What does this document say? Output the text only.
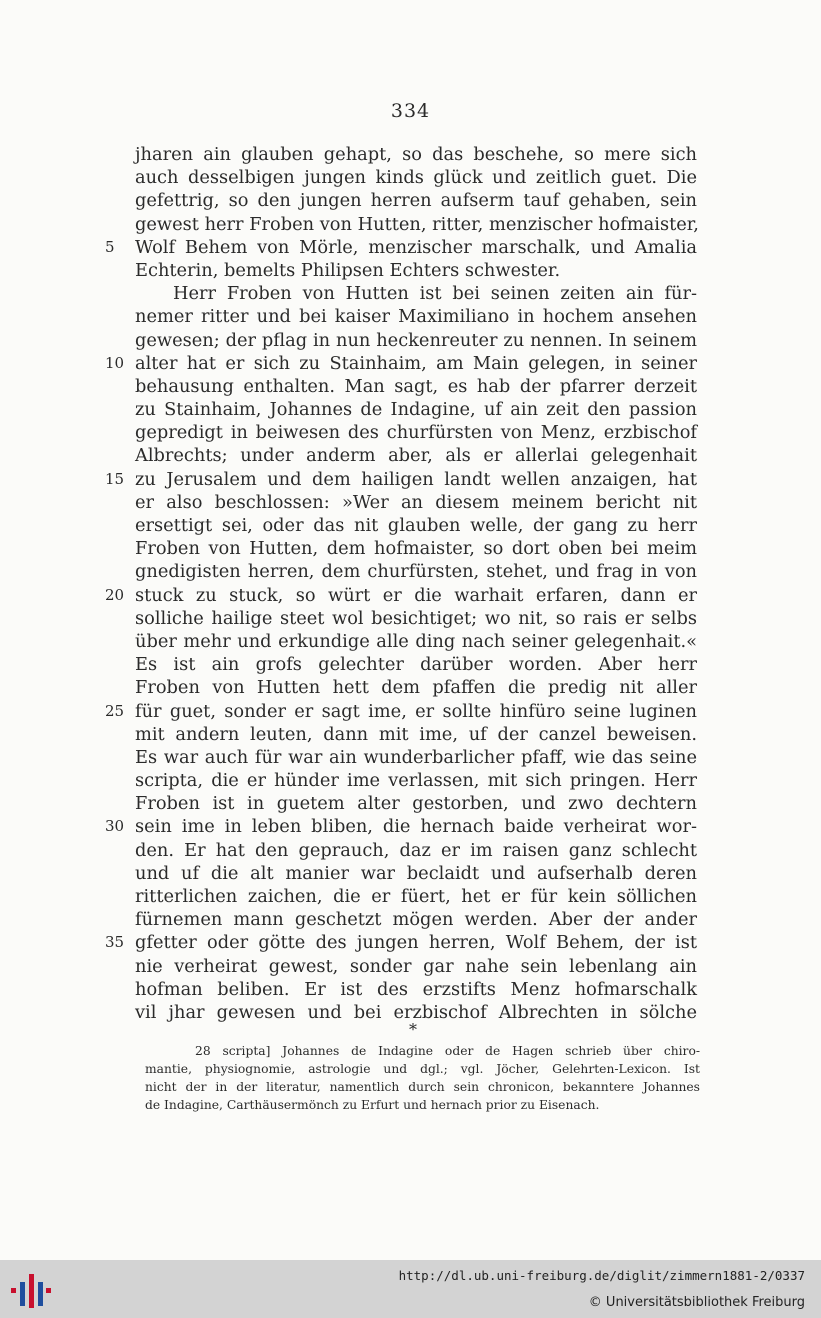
334
jharen ain glauben gehapt, so das beschehe, so mere sich
auch desselbigen jungen kinds glück und zeitlich guet. Die
gefettrig, so den jungen herren aufserm tauf gehaben, sein
gewest herr Froben von Hutten, ritter, menzischer hofmaister,
Wolf Behem von Mörle, menzischer marschalk, und Amalia
5
Echterin, bemelts Philipsen Echters schwester.
Herr Froben von Hutten ist bei seinen zeiten ain für-
nemer ritter und bei kaiser Maximiliano in hochem ansehen
gewesen; der pflag in nun heckenreuter zu nennen. In seinem
alter hat er sich zu Stainhaim, am Main gelegen, in seiner
10
behausung enthalten. Man sagt, es hab der pfarrer derzeit
zu Stainhaim, Johannes de Indagine, uf ain zeit den passion
gepredigt in beiwesen des churfürsten von Menz, erzbischof
Albrechts; under anderm aber, als er allerlai gelegenhait
zu Jerusalem und dem hailigen landt wellen anzaigen, hat
15
er also beschlossen: »Wer an diesem meinem bericht nit
ersettigt sei, oder das nit glauben welle, der gang zu herr
Froben von Hutten, dem hofmaister, so dort oben bei meim
gnedigisten herren, dem churfürsten, stehet, und frag in von
stuck zu stuck, so würt er die warhait erfaren, dann er
20
solliche hailige steet wol besichtiget; wo nit, so rais er selbs
über mehr und erkundige alle ding nach seiner gelegenhait.«
Es ist ain grofs gelechter darüber worden. Aber herr
Froben von Hutten hett dem pfaffen die predig nit aller
für guet, sonder er sagt ime, er sollte hinfüro seine luginen
25
mit andern leuten, dann mit ime, uf der canzel beweisen.
Es war auch für war ain wunderbarlicher pfaff, wie das seine
scripta, die er hünder ime verlassen, mit sich pringen. Herr
Froben ist in guetem alter gestorben, und zwo dechtern
sein ime in leben bliben, die hernach baide verheirat wor-
30
den. Er hat den geprauch, daz er im raisen ganz schlecht
und uf die alt manier war beclaidt und aufserhalb deren
ritterlichen zaichen, die er füert, het er für kein söllichen
fürnemen mann geschetzt mögen werden. Aber der ander
gfetter oder götte des jungen herren, Wolf Behem, der ist
35
nie verheirat gewest, sonder gar nahe sein lebenlang ain
hofman beliben. Er ist des erzstifts Menz hofmarschalk
vil jhar gewesen und bei erzbischof Albrechten in sölche
*
28 scripta] Johannes de Indagine oder de Hagen schrieb über chiro-
mantie, physiognomie, astrologie und dgl.; vgl. Jöcher, Gelehrten-Lexicon. Ist
nicht der in der literatur, namentlich durch sein chronicon, bekanntere Johannes
de Indagine, Carthäusermönch zu Erfurt und hernach prior zu Eisenach.
http://dl.ub.uni-freiburg.de/diglit/zimmern1881-2/0337
© Universitätsbibliothek Freiburg
